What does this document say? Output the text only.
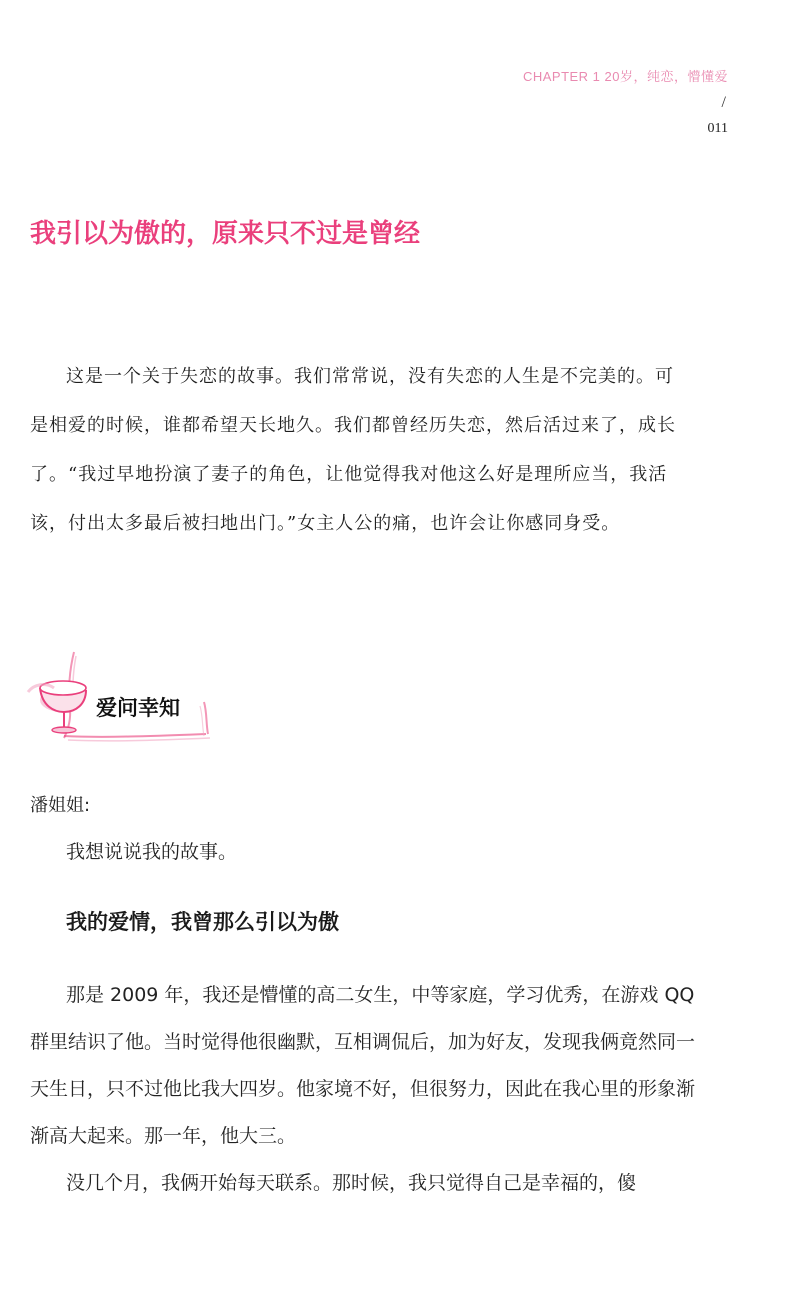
CHAPTER 1 20岁，纯恋，懵懂爱
/
011
我引以为傲的，原来只不过是曾经

这是一个关于失恋的故事。我们常常说，没有失恋的人生是不完美的。可是相爱的时候，谁都希望天长地久。我们都曾经历失恋，然后活过来了，成长了。“我过早地扮演了妻子的角色，让他觉得我对他这么好是理所应当，我活该，付出太多最后被扫地出门。”女主人公的痛，也许会让你感同身受。

爱问幸知
潘姐姐:

我想说说我的故事。

我的爱情，我曾那么引以为傲

那是 2009 年，我还是懵懂的高二女生，中等家庭，学习优秀，在游戏 QQ 群里结识了他。当时觉得他很幽默，互相调侃后，加为好友，发现我俩竟然同一天生日，只不过他比我大四岁。他家境不好，但很努力，因此在我心里的形象渐渐高大起来。那一年，他大三。

没几个月，我俩开始每天联系。那时候，我只觉得自己是幸福的，傻
